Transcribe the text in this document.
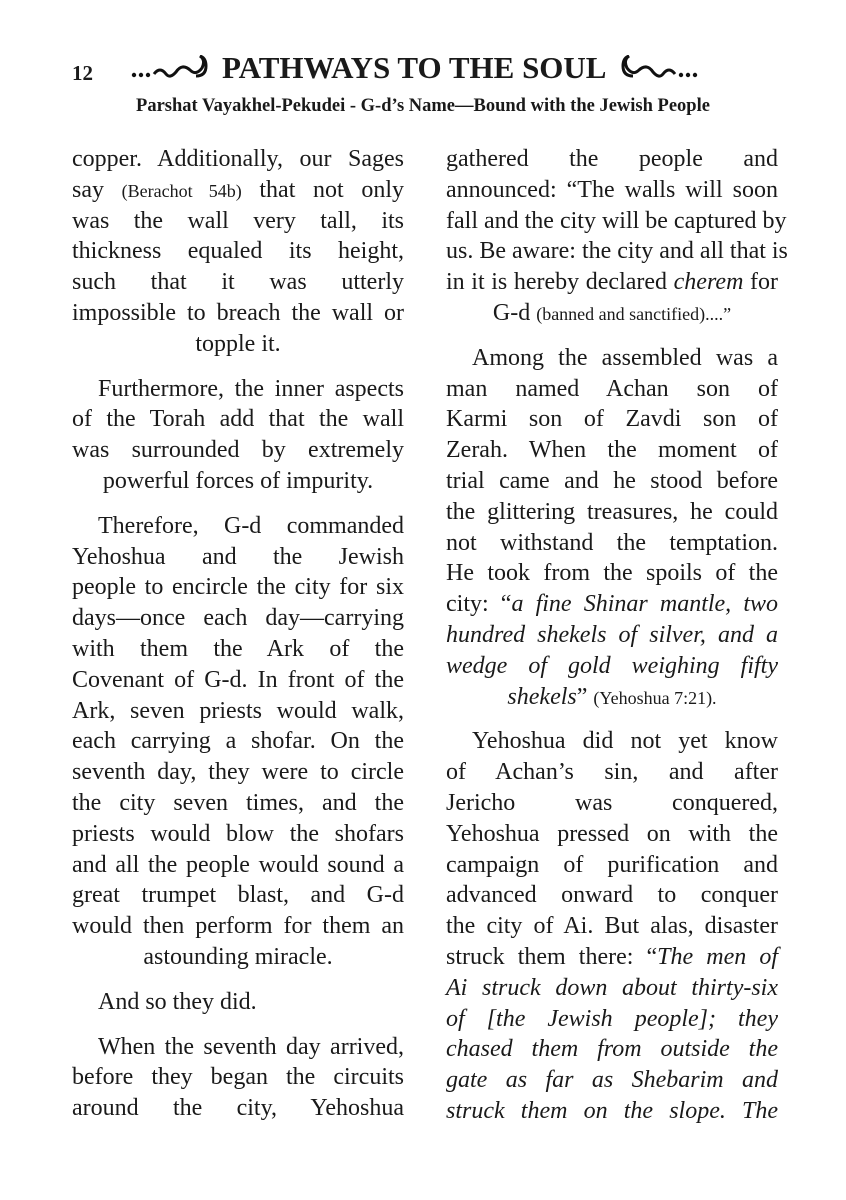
12	PATHWAYS TO THE SOUL
Parshat Vayakhel-Pekudei - G-d’s Name—Bound with the Jewish People
copper. Additionally, our Sages
say (Berachot 54b) that not only
was the wall very tall, its
thickness equaled its height,
such that it was utterly
impossible to breach the wall or
topple it.
Furthermore, the inner aspects
of the Torah add that the wall
was surrounded by extremely
powerful forces of impurity.
Therefore, G-d commanded
Yehoshua and the Jewish
people to encircle the city for six
days—once each day—carrying
with them the Ark of the
Covenant of G-d. In front of the
Ark, seven priests would walk,
each carrying a shofar. On the
seventh day, they were to circle
the city seven times, and the
priests would blow the shofars
and all the people would sound a
great trumpet blast, and G-d
would then perform for them an
astounding miracle.
And so they did.
When the seventh day arrived,
before they began the circuits
around the city, Yehoshua
gathered the people and
announced: “The walls will soon
fall and the city will be captured by
us. Be aware: the city and all that is
in it is hereby declared cherem for
G-d (banned and sanctified)....”
Among the assembled was a
man named Achan son of
Karmi son of Zavdi son of
Zerah. When the moment of
trial came and he stood before
the glittering treasures, he could
not withstand the temptation.
He took from the spoils of the
city: “a fine Shinar mantle, two
hundred shekels of silver, and a
wedge of gold weighing fifty
shekels” (Yehoshua 7:21).
Yehoshua did not yet know
of Achan’s sin, and after
Jericho was conquered,
Yehoshua pressed on with the
campaign of purification and
advanced onward to conquer
the city of Ai. But alas, disaster
struck them there: “The men of
Ai struck down about thirty-six
of [the Jewish people]; they
chased them from outside the
gate as far as Shebarim and
struck them on the slope. The
